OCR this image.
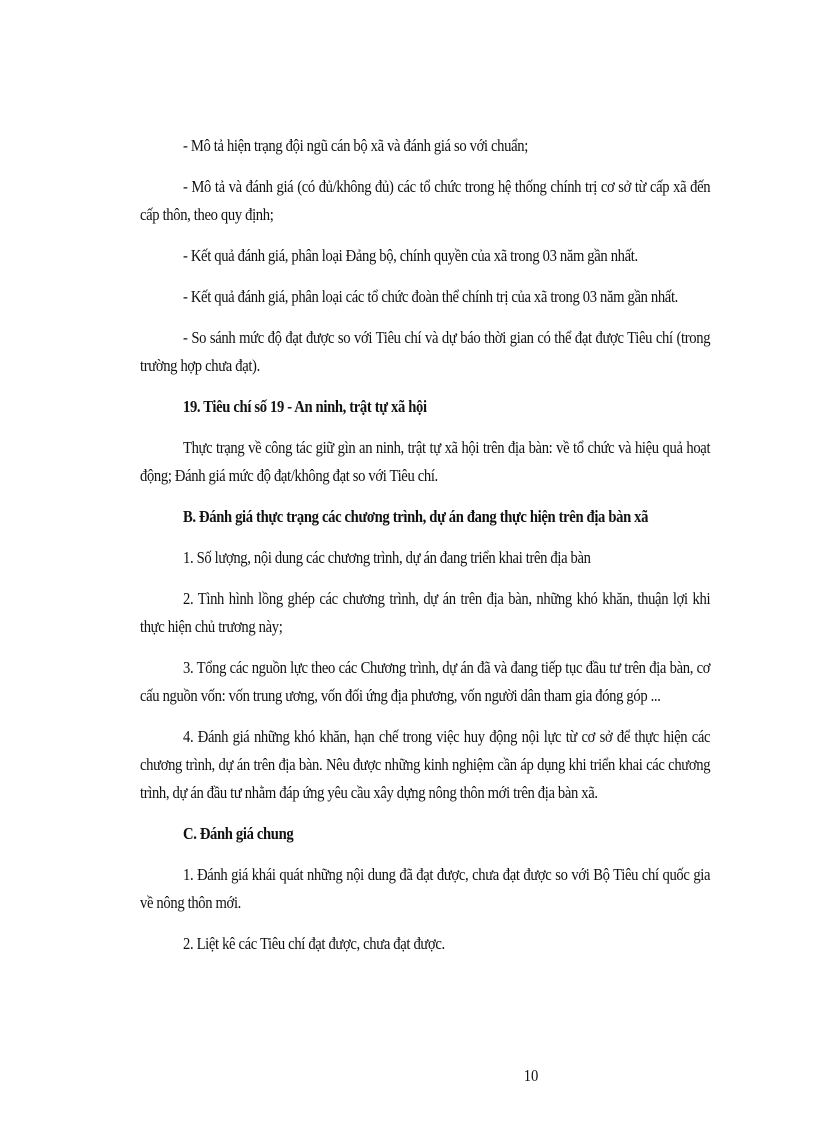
- Mô tả hiện trạng đội ngũ cán bộ xã và đánh giá so với chuẩn;

- Mô tả và đánh giá (có đủ/không đủ) các tổ chức trong hệ thống chính trị cơ sở từ cấp xã đến cấp thôn, theo quy định;

- Kết quả đánh giá, phân loại Đảng bộ, chính quyền của xã trong 03 năm gần nhất.

- Kết quả đánh giá, phân loại các tổ chức đoàn thể chính trị của xã trong 03 năm gần nhất.

- So sánh mức độ đạt được so với Tiêu chí và dự báo thời gian có thể đạt được Tiêu chí (trong trường hợp chưa đạt).

19. Tiêu chí số 19 - An ninh, trật tự xã hội

Thực trạng về công tác giữ gìn an ninh, trật tự xã hội trên địa bàn: về tổ chức và hiệu quả hoạt động; Đánh giá mức độ đạt/không đạt so với Tiêu chí.

B. Đánh giá thực trạng các chương trình, dự án đang thực hiện trên địa bàn xã

1. Số lượng, nội dung các chương trình, dự án đang triển khai trên địa bàn

2. Tình hình lồng ghép các chương trình, dự án trên địa bàn, những khó khăn, thuận lợi khi thực hiện chủ trương này;

3. Tổng các nguồn lực theo các Chương trình, dự án đã và đang tiếp tục đầu tư trên địa bàn, cơ cấu nguồn vốn: vốn trung ương, vốn đối ứng địa phương, vốn người dân tham gia đóng góp ...

4. Đánh giá những khó khăn, hạn chế trong việc huy động nội lực từ cơ sở để thực hiện các chương trình, dự án trên địa bàn. Nêu được những kinh nghiệm cần áp dụng khi triển khai các chương trình, dự án đầu tư nhằm đáp ứng yêu cầu xây dựng nông thôn mới trên địa bàn xã.

C. Đánh giá chung

1. Đánh giá khái quát những nội dung đã đạt được, chưa đạt được so với Bộ Tiêu chí quốc gia về nông thôn mới.

2. Liệt kê các Tiêu chí đạt được, chưa đạt được.

10
